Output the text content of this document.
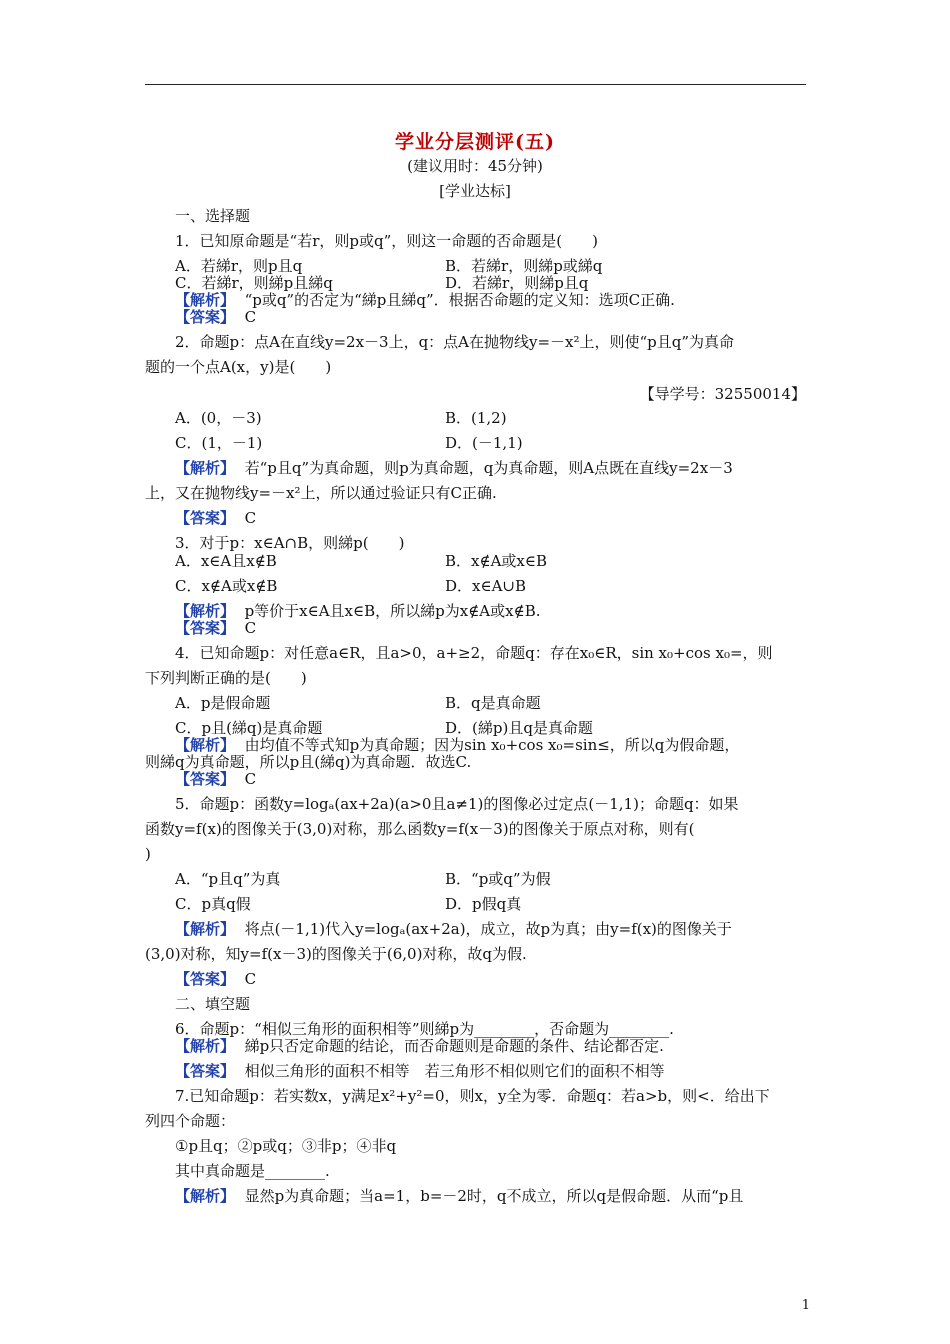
学业分层测评(五)
(建议用时：45分钟)
[学业达标]
一、选择题
1．已知原命题是“若r，则p或q”，则这一命题的否命题是(　　)
A．若綈r，则p且q	B．若綈r，则綈p或綈q
C．若綈r，则綈p且綈q	D．若綈r，则綈p且q
【解析】 “p或q”的否定为“綈p且綈q”．根据否命题的定义知：选项C正确.
【答案】 C
2．命题p：点A在直线y=2x－3上，q：点A在抛物线y=－x²上，则使“p且q”为真命
题的一个点A(x，y)是(　　)
【导学号：32550014】
A．(0，－3)	B．(1,2)
C．(1，－1)	D．(－1,1)
【解析】 若“p且q”为真命题，则p为真命题，q为真命题，则A点既在直线y=2x－3
上，又在抛物线y=－x²上，所以通过验证只有C正确.
【答案】 C
3．对于p：x∈A∩B，则綈p(　　)
A．x∈A且x∉B	B．x∉A或x∈B
C．x∉A或x∉B	D．x∈A∪B
【解析】 p等价于x∈A且x∈B，所以綈p为x∉A或x∉B.
【答案】 C
4．已知命题p：对任意a∈R，且a>0，a+≥2，命题q：存在x₀∈R，sin x₀+cos x₀=，则
下列判断正确的是(　　)
A．p是假命题	B．q是真命题
C．p且(綈q)是真命题	D．(綈p)且q是真命题
【解析】 由均值不等式知p为真命题；因为sin x₀+cos x₀=sin≤，所以q为假命题，
则綈q为真命题，所以p且(綈q)为真命题．故选C.
【答案】 C
5．命题p：函数y=logₐ(ax+2a)(a>0且a≠1)的图像必过定点(－1,1)；命题q：如果
函数y=f(x)的图像关于(3,0)对称，那么函数y=f(x－3)的图像关于原点对称，则有(
)
A．“p且q”为真	B．“p或q”为假
C．p真q假	D．p假q真
【解析】 将点(－1,1)代入y=logₐ(ax+2a)，成立，故p为真；由y=f(x)的图像关于
(3,0)对称，知y=f(x－3)的图像关于(6,0)对称，故q为假.
【答案】 C
二、填空题
6．命题p：“相似三角形的面积相等”则綈p为________，否命题为________.
【解析】 綈p只否定命题的结论，而否命题则是命题的条件、结论都否定.
【答案】 相似三角形的面积不相等　若三角形不相似则它们的面积不相等
7.已知命题p：若实数x，y满足x²+y²=0，则x，y全为零．命题q：若a>b，则<．给出下
列四个命题：
①p且q；②p或q；③非p；④非q
其中真命题是________.
【解析】 显然p为真命题；当a=1，b=－2时，q不成立，所以q是假命题．从而“p且
1
